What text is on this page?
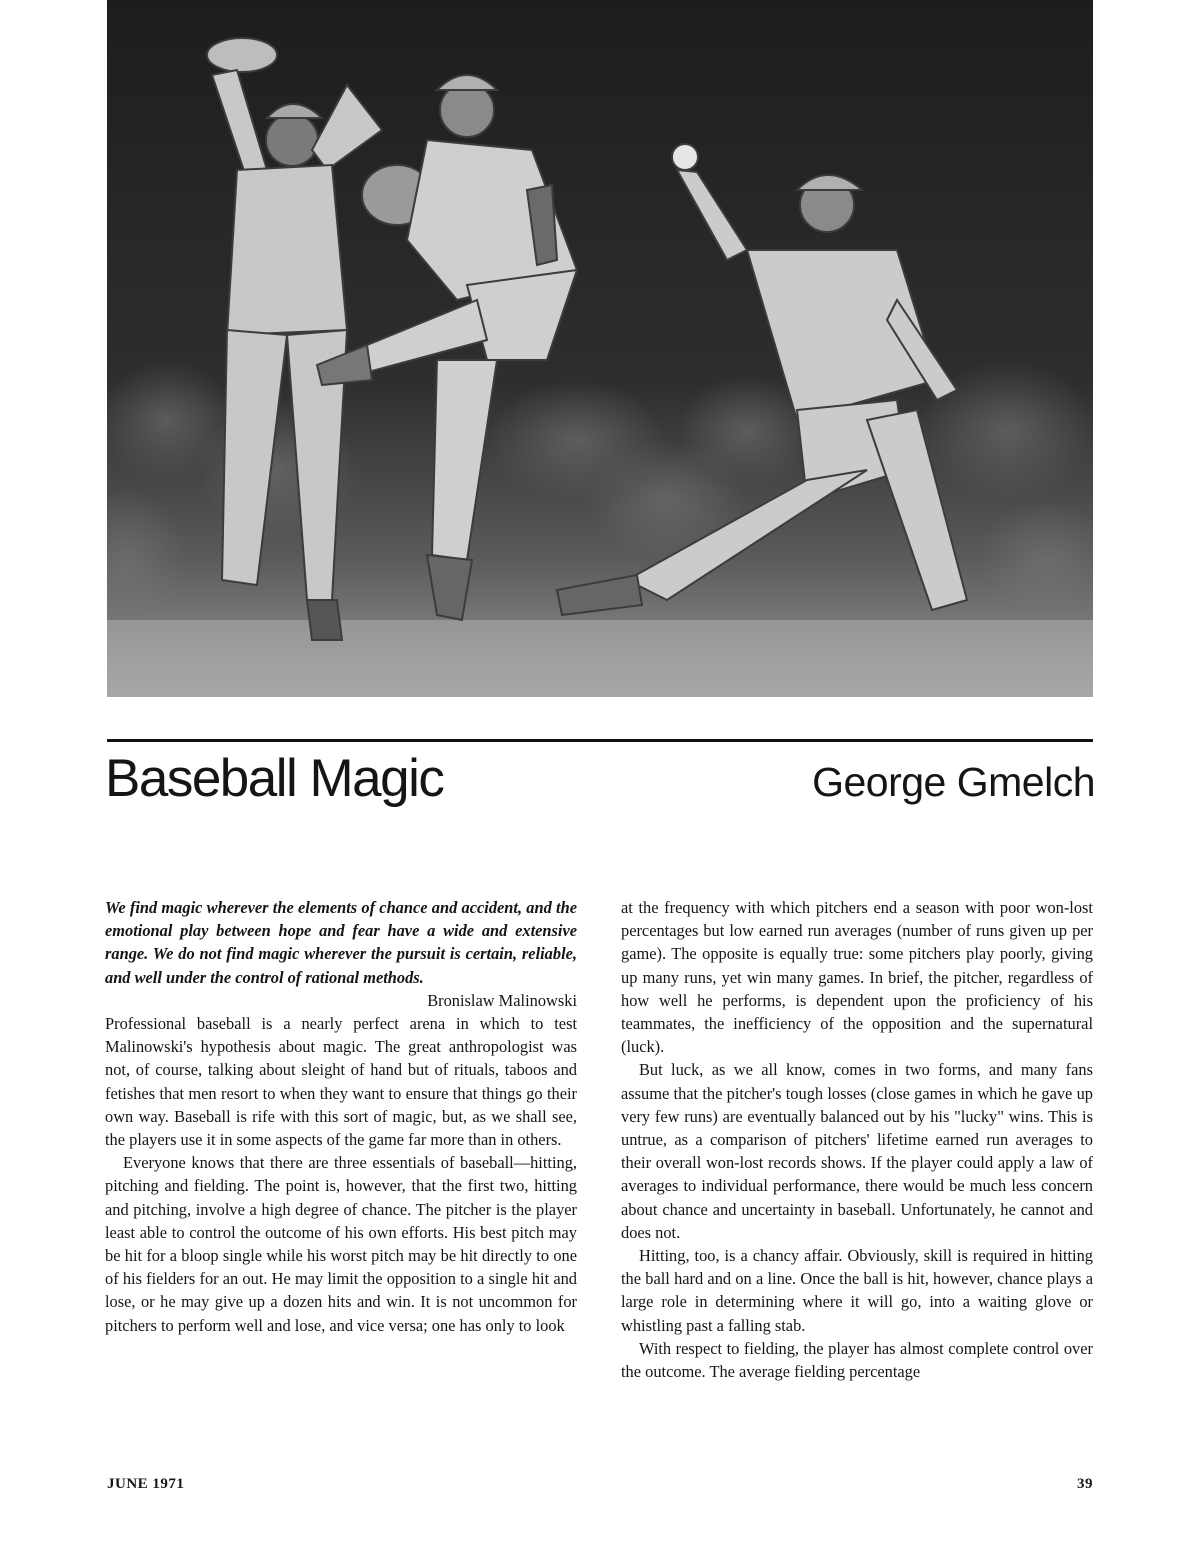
Baseball Magic	George Gmelch

We find magic wherever the elements of chance and accident, and the emotional play between hope and fear have a wide and extensive range. We do not find magic wherever the pursuit is certain, reliable, and well under the control of rational methods.

Bronislaw Malinowski

Professional baseball is a nearly perfect arena in which to test Malinowski's hypothesis about magic. The great anthropologist was not, of course, talking about sleight of hand but of rituals, taboos and fetishes that men resort to when they want to ensure that things go their own way. Baseball is rife with this sort of magic, but, as we shall see, the players use it in some aspects of the game far more than in others.

Everyone knows that there are three essentials of baseball—hitting, pitching and fielding. The point is, however, that the first two, hitting and pitching, involve a high degree of chance. The pitcher is the player least able to control the outcome of his own efforts. His best pitch may be hit for a bloop single while his worst pitch may be hit directly to one of his fielders for an out. He may limit the opposition to a single hit and lose, or he may give up a dozen hits and win. It is not uncommon for pitchers to perform well and lose, and vice versa; one has only to look

at the frequency with which pitchers end a season with poor won-lost percentages but low earned run averages (number of runs given up per game). The opposite is equally true: some pitchers play poorly, giving up many runs, yet win many games. In brief, the pitcher, regardless of how well he performs, is dependent upon the proficiency of his teammates, the inefficiency of the opposition and the supernatural (luck).

But luck, as we all know, comes in two forms, and many fans assume that the pitcher's tough losses (close games in which he gave up very few runs) are eventually balanced out by his "lucky" wins. This is untrue, as a comparison of pitchers' lifetime earned run averages to their overall won-lost records shows. If the player could apply a law of averages to individual performance, there would be much less concern about chance and uncertainty in baseball. Unfortunately, he cannot and does not.

Hitting, too, is a chancy affair. Obviously, skill is required in hitting the ball hard and on a line. Once the ball is hit, however, chance plays a large role in determining where it will go, into a waiting glove or whistling past a falling stab.

With respect to fielding, the player has almost complete control over the outcome. The average fielding percentage

JUNE 1971	39
